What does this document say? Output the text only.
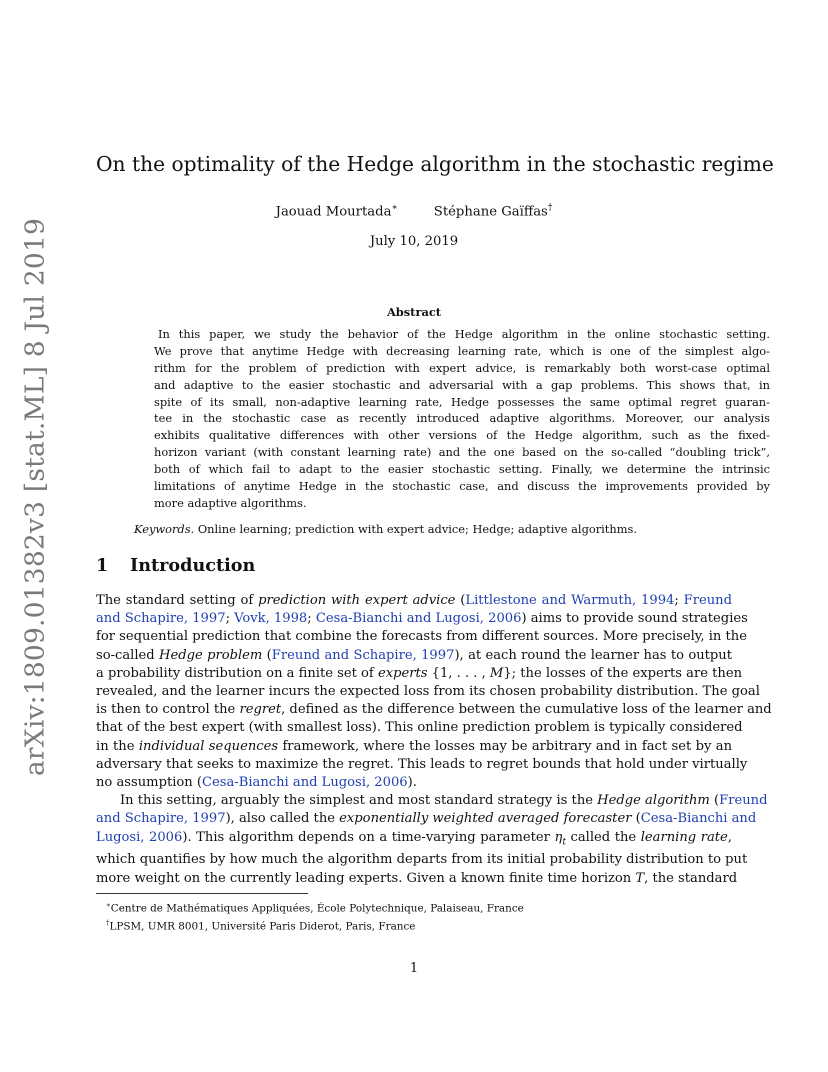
arXiv:1809.01382v3 [stat.ML] 8 Jul 2019
On the optimality of the Hedge algorithm in the stochastic regime
Jaouad Mourtada∗	Stéphane Gaïffas†
July 10, 2019
Abstract

In this paper, we study the behavior of the Hedge algorithm in the online stochastic setting.
We prove that anytime Hedge with decreasing learning rate, which is one of the simplest algo-
rithm for the problem of prediction with expert advice, is remarkably both worst-case optimal
and adaptive to the easier stochastic and adversarial with a gap problems. This shows that, in
spite of its small, non-adaptive learning rate, Hedge possesses the same optimal regret guaran-
tee in the stochastic case as recently introduced adaptive algorithms. Moreover, our analysis
exhibits qualitative differences with other versions of the Hedge algorithm, such as the fixed-
horizon variant (with constant learning rate) and the one based on the so-called “doubling trick”,
both of which fail to adapt to the easier stochastic setting. Finally, we determine the intrinsic
limitations of anytime Hedge in the stochastic case, and discuss the improvements provided by
more adaptive algorithms.

Keywords. Online learning; prediction with expert advice; Hedge; adaptive algorithms.

1 Introduction
The standard setting of prediction with expert advice (Littlestone and Warmuth, 1994; Freund
and Schapire, 1997; Vovk, 1998; Cesa-Bianchi and Lugosi, 2006) aims to provide sound strategies
for sequential prediction that combine the forecasts from different sources. More precisely, in the
so-called Hedge problem (Freund and Schapire, 1997), at each round the learner has to output
a probability distribution on a finite set of experts {1, . . . , M}; the losses of the experts are then
revealed, and the learner incurs the expected loss from its chosen probability distribution. The goal
is then to control the regret, defined as the difference between the cumulative loss of the learner and
that of the best expert (with smallest loss). This online prediction problem is typically considered
in the individual sequences framework, where the losses may be arbitrary and in fact set by an
adversary that seeks to maximize the regret. This leads to regret bounds that hold under virtually
no assumption (Cesa-Bianchi and Lugosi, 2006).
In this setting, arguably the simplest and most standard strategy is the Hedge algorithm (Freund
and Schapire, 1997), also called the exponentially weighted averaged forecaster (Cesa-Bianchi and
Lugosi, 2006). This algorithm depends on a time-varying parameter $\eta_t$ called the learning rate,
which quantifies by how much the algorithm departs from its initial probability distribution to put
more weight on the currently leading experts. Given a known finite time horizon T, the standard
∗Centre de Mathématiques Appliquées, École Polytechnique, Palaiseau, France
†LPSM, UMR 8001, Université Paris Diderot, Paris, France
1
